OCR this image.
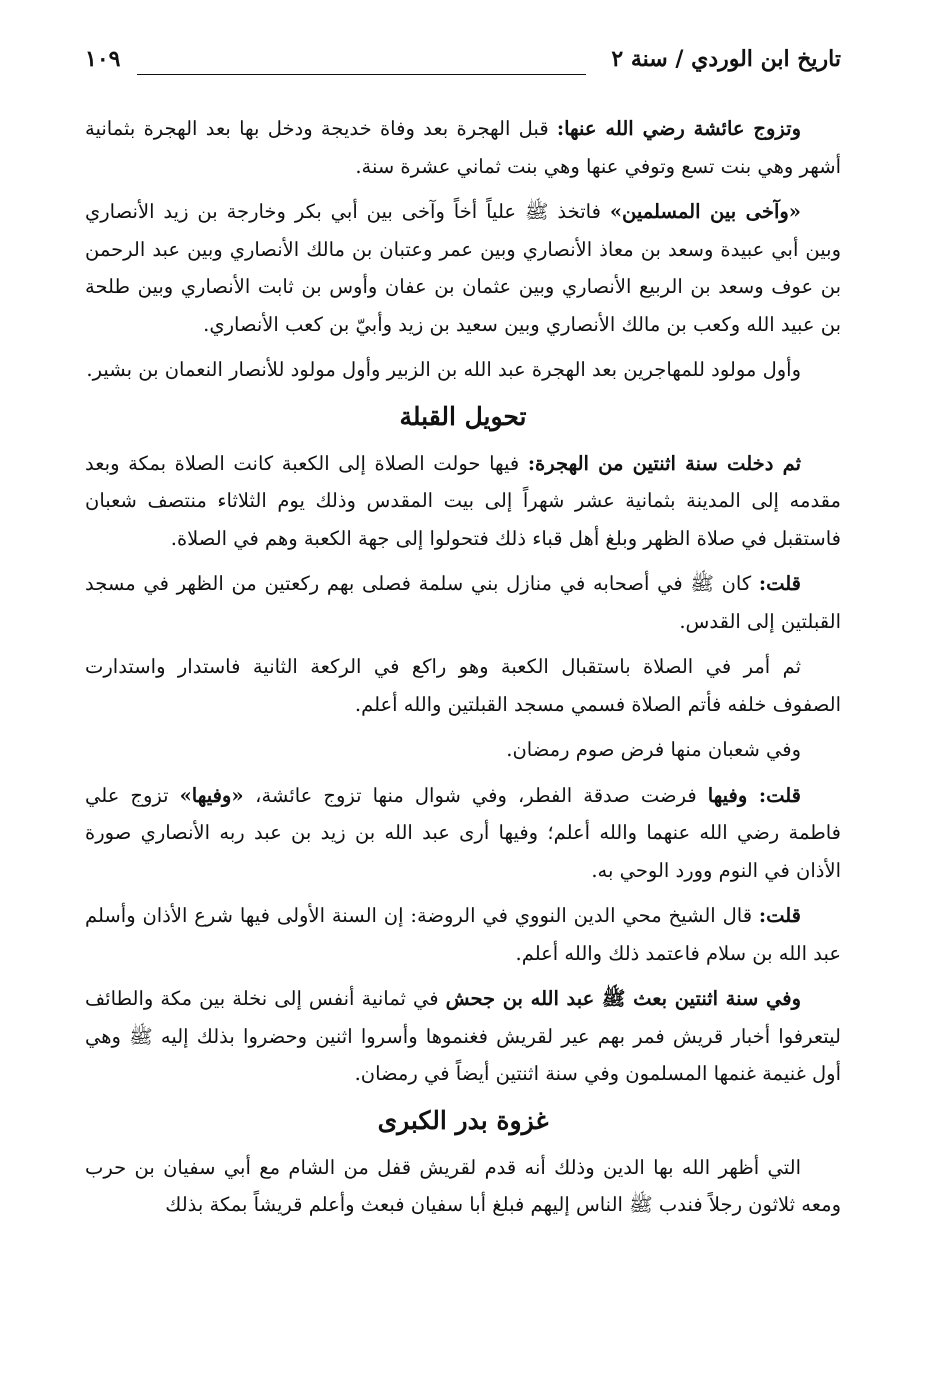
تاريخ ابن الوردي / سنة ٢
١٠٩

وتزوج عائشة رضي الله عنها: قبل الهجرة بعد وفاة خديجة ودخل بها بعد الهجرة بثمانية أشهر وهي بنت تسع وتوفي عنها وهي بنت ثماني عشرة سنة.

«وآخى بين المسلمين» فاتخذ ﷺ علياً أخاً وآخى بين أبي بكر وخارجة بن زيد الأنصاري وبين أبي عبيدة وسعد بن معاذ الأنصاري وبين عمر وعتبان بن مالك الأنصاري وبين عبد الرحمن بن عوف وسعد بن الربيع الأنصاري وبين عثمان بن عفان وأوس بن ثابت الأنصاري وبين طلحة بن عبيد الله وكعب بن مالك الأنصاري وبين سعيد بن زيد وأبيّ بن كعب الأنصاري.

وأول مولود للمهاجرين بعد الهجرة عبد الله بن الزبير وأول مولود للأنصار النعمان بن بشير.

تحويل القبلة

ثم دخلت سنة اثنتين من الهجرة: فيها حولت الصلاة إلى الكعبة كانت الصلاة بمكة وبعد مقدمه إلى المدينة بثمانية عشر شهراً إلى بيت المقدس وذلك يوم الثلاثاء منتصف شعبان فاستقبل في صلاة الظهر وبلغ أهل قباء ذلك فتحولوا إلى جهة الكعبة وهم في الصلاة.

قلت: كان ﷺ في أصحابه في منازل بني سلمة فصلى بهم ركعتين من الظهر في مسجد القبلتين إلى القدس.

ثم أمر في الصلاة باستقبال الكعبة وهو راكع في الركعة الثانية فاستدار واستدارت الصفوف خلفه فأتم الصلاة فسمي مسجد القبلتين والله أعلم.

وفي شعبان منها فرض صوم رمضان.

قلت: وفيها فرضت صدقة الفطر، وفي شوال منها تزوج عائشة، «وفيها» تزوج علي فاطمة رضي الله عنهما والله أعلم؛ وفيها أرى عبد الله بن زيد بن عبد ربه الأنصاري صورة الأذان في النوم وورد الوحي به.

قلت: قال الشيخ محي الدين النووي في الروضة: إن السنة الأولى فيها شرع الأذان وأسلم عبد الله بن سلام فاعتمد ذلك والله أعلم.

وفي سنة اثنتين بعث ﷺ عبد الله بن جحش في ثمانية أنفس إلى نخلة بين مكة والطائف ليتعرفوا أخبار قريش فمر بهم عير لقريش فغنموها وأسروا اثنين وحضروا بذلك إليه ﷺ وهي أول غنيمة غنمها المسلمون وفي سنة اثنتين أيضاً في رمضان.

غزوة بدر الكبرى

التي أظهر الله بها الدين وذلك أنه قدم لقريش قفل من الشام مع أبي سفيان بن حرب ومعه ثلاثون رجلاً فندب ﷺ الناس إليهم فبلغ أبا سفيان فبعث وأعلم قريشاً بمكة بذلك
